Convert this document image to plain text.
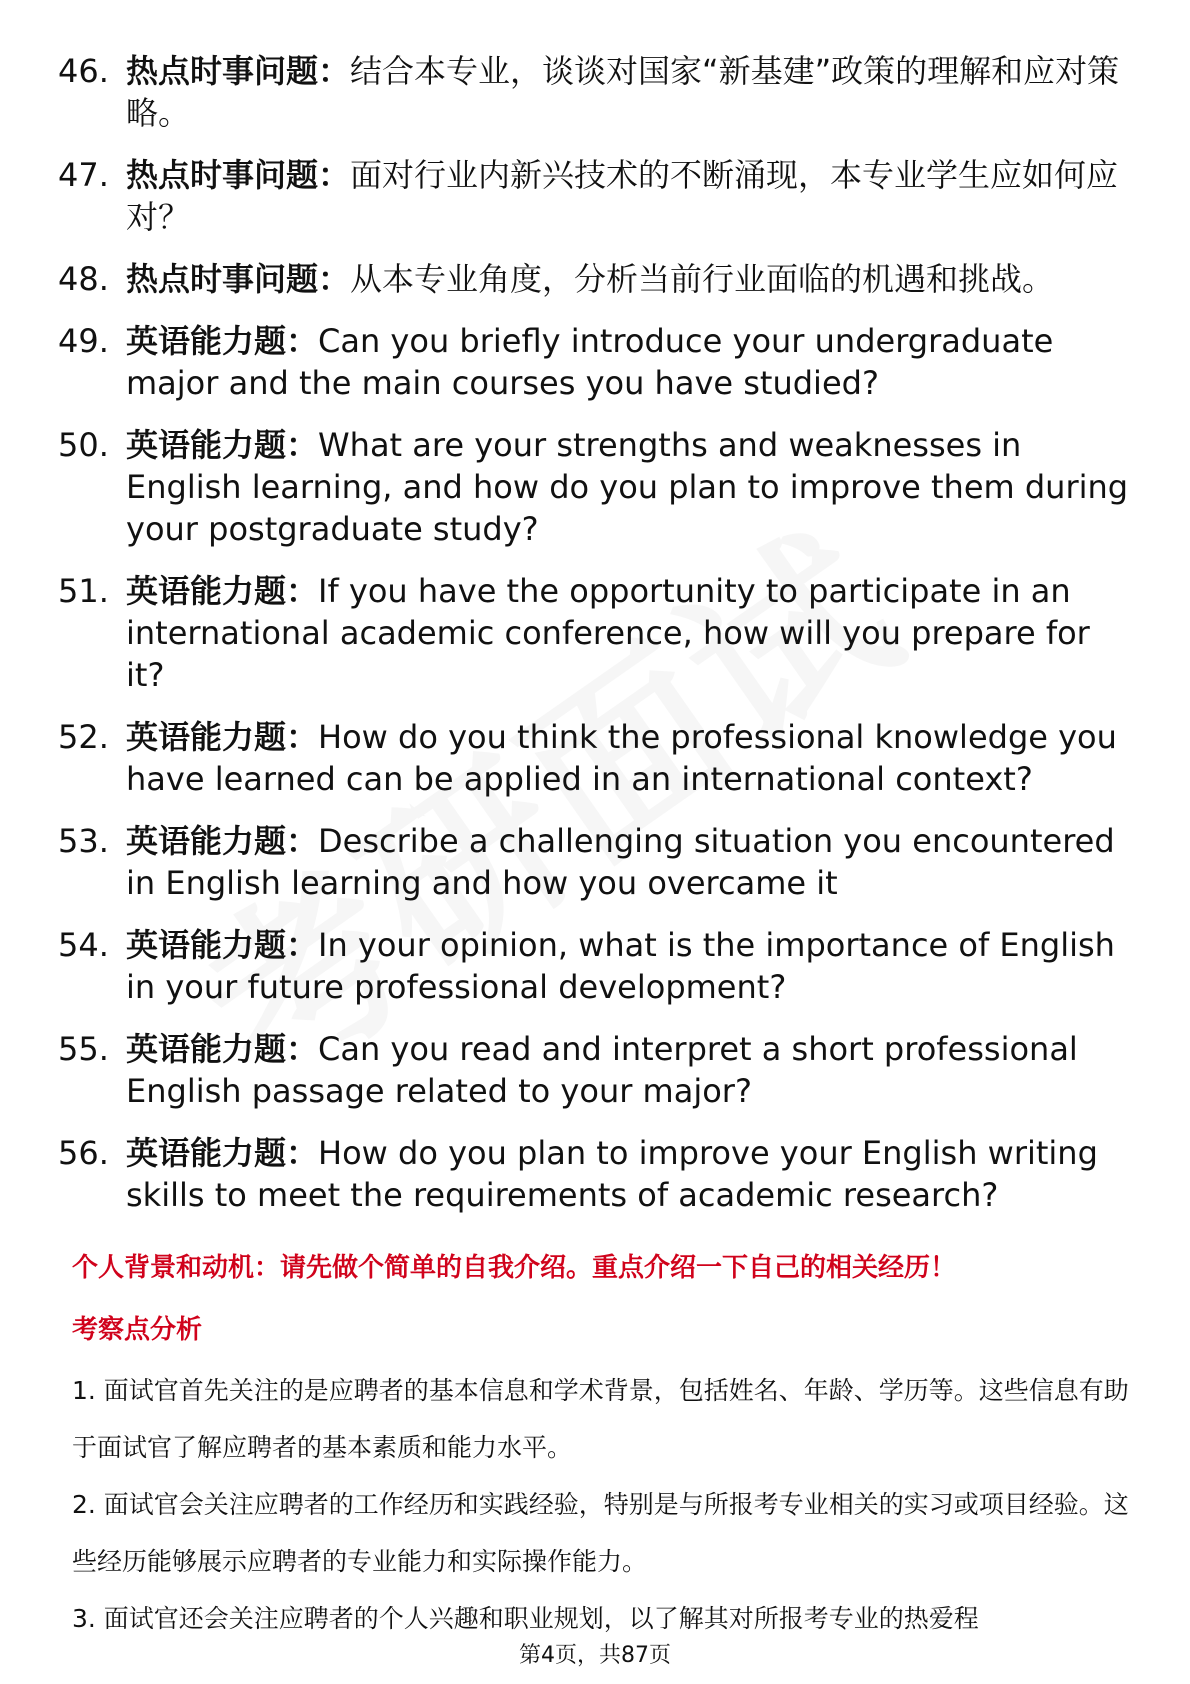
46. 热点时事问题：结合本专业，谈谈对国家“新基建”政策的理解和应对策略。
47. 热点时事问题：面对行业内新兴技术的不断涌现，本专业学生应如何应对？
48. 热点时事问题：从本专业角度，分析当前行业面临的机遇和挑战。
49. 英语能力题：Can you briefly introduce your undergraduate major and the main courses you have studied?
50. 英语能力题：What are your strengths and weaknesses in English learning, and how do you plan to improve them during your postgraduate study?
51. 英语能力题：If you have the opportunity to participate in an international academic conference, how will you prepare for it?
52. 英语能力题：How do you think the professional knowledge you have learned can be applied in an international context?
53. 英语能力题：Describe a challenging situation you encountered in English learning and how you overcame it
54. 英语能力题：In your opinion, what is the importance of English in your future professional development?
55. 英语能力题：Can you read and interpret a short professional English passage related to your major?
56. 英语能力题：How do you plan to improve your English writing skills to meet the requirements of academic research?
个人背景和动机：请先做个简单的自我介绍。重点介绍一下自己的相关经历！
考察点分析

1. 面试官首先关注的是应聘者的基本信息和学术背景，包括姓名、年龄、学历等。这些信息有助于面试官了解应聘者的基本素质和能力水平。

2. 面试官会关注应聘者的工作经历和实践经验，特别是与所报考专业相关的实习或项目经验。这些经历能够展示应聘者的专业能力和实际操作能力。

3. 面试官还会关注应聘者的个人兴趣和职业规划，以了解其对所报考专业的热爱程

第4页，共87页
